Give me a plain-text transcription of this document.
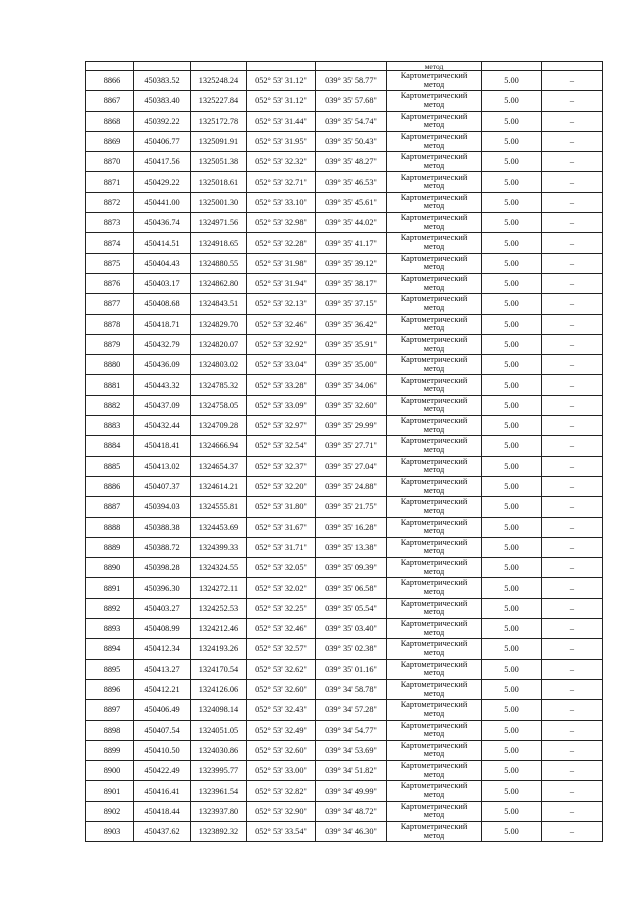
					метод		
8866	450383.52	1325248.24	052° 53' 31.12"	039° 35' 58.77"	Картометрический
метод	5.00	–
8867	450383.40	1325227.84	052° 53' 31.12"	039° 35' 57.68"	Картометрический
метод	5.00	–
8868	450392.22	1325172.78	052° 53' 31.44"	039° 35' 54.74"	Картометрический
метод	5.00	–
8869	450406.77	1325091.91	052° 53' 31.95"	039° 35' 50.43"	Картометрический
метод	5.00	–
8870	450417.56	1325051.38	052° 53' 32.32"	039° 35' 48.27"	Картометрический
метод	5.00	–
8871	450429.22	1325018.61	052° 53' 32.71"	039° 35' 46.53"	Картометрический
метод	5.00	–
8872	450441.00	1325001.30	052° 53' 33.10"	039° 35' 45.61"	Картометрический
метод	5.00	–
8873	450436.74	1324971.56	052° 53' 32.98"	039° 35' 44.02"	Картометрический
метод	5.00	–
8874	450414.51	1324918.65	052° 53' 32.28"	039° 35' 41.17"	Картометрический
метод	5.00	–
8875	450404.43	1324880.55	052° 53' 31.98"	039° 35' 39.12"	Картометрический
метод	5.00	–
8876	450403.17	1324862.80	052° 53' 31.94"	039° 35' 38.17"	Картометрический
метод	5.00	–
8877	450408.68	1324843.51	052° 53' 32.13"	039° 35' 37.15"	Картометрический
метод	5.00	–
8878	450418.71	1324829.70	052° 53' 32.46"	039° 35' 36.42"	Картометрический
метод	5.00	–
8879	450432.79	1324820.07	052° 53' 32.92"	039° 35' 35.91"	Картометрический
метод	5.00	–
8880	450436.09	1324803.02	052° 53' 33.04"	039° 35' 35.00"	Картометрический
метод	5.00	–
8881	450443.32	1324785.32	052° 53' 33.28"	039° 35' 34.06"	Картометрический
метод	5.00	–
8882	450437.09	1324758.05	052° 53' 33.09"	039° 35' 32.60"	Картометрический
метод	5.00	–
8883	450432.44	1324709.28	052° 53' 32.97"	039° 35' 29.99"	Картометрический
метод	5.00	–
8884	450418.41	1324666.94	052° 53' 32.54"	039° 35' 27.71"	Картометрический
метод	5.00	–
8885	450413.02	1324654.37	052° 53' 32.37"	039° 35' 27.04"	Картометрический
метод	5.00	–
8886	450407.37	1324614.21	052° 53' 32.20"	039° 35' 24.88"	Картометрический
метод	5.00	–
8887	450394.03	1324555.81	052° 53' 31.80"	039° 35' 21.75"	Картометрический
метод	5.00	–
8888	450388.38	1324453.69	052° 53' 31.67"	039° 35' 16.28"	Картометрический
метод	5.00	–
8889	450388.72	1324399.33	052° 53' 31.71"	039° 35' 13.38"	Картометрический
метод	5.00	–
8890	450398.28	1324324.55	052° 53' 32.05"	039° 35' 09.39"	Картометрический
метод	5.00	–
8891	450396.30	1324272.11	052° 53' 32.02"	039° 35' 06.58"	Картометрический
метод	5.00	–
8892	450403.27	1324252.53	052° 53' 32.25"	039° 35' 05.54"	Картометрический
метод	5.00	–
8893	450408.99	1324212.46	052° 53' 32.46"	039° 35' 03.40"	Картометрический
метод	5.00	–
8894	450412.34	1324193.26	052° 53' 32.57"	039° 35' 02.38"	Картометрический
метод	5.00	–
8895	450413.27	1324170.54	052° 53' 32.62"	039° 35' 01.16"	Картометрический
метод	5.00	–
8896	450412.21	1324126.06	052° 53' 32.60"	039° 34' 58.78"	Картометрический
метод	5.00	–
8897	450406.49	1324098.14	052° 53' 32.43"	039° 34' 57.28"	Картометрический
метод	5.00	–
8898	450407.54	1324051.05	052° 53' 32.49"	039° 34' 54.77"	Картометрический
метод	5.00	–
8899	450410.50	1324030.86	052° 53' 32.60"	039° 34' 53.69"	Картометрический
метод	5.00	–
8900	450422.49	1323995.77	052° 53' 33.00"	039° 34' 51.82"	Картометрический
метод	5.00	–
8901	450416.41	1323961.54	052° 53' 32.82"	039° 34' 49.99"	Картометрический
метод	5.00	–
8902	450418.44	1323937.80	052° 53' 32.90"	039° 34' 48.72"	Картометрический
метод	5.00	–
8903	450437.62	1323892.32	052° 53' 33.54"	039° 34' 46.30"	Картометрический
метод	5.00	–
